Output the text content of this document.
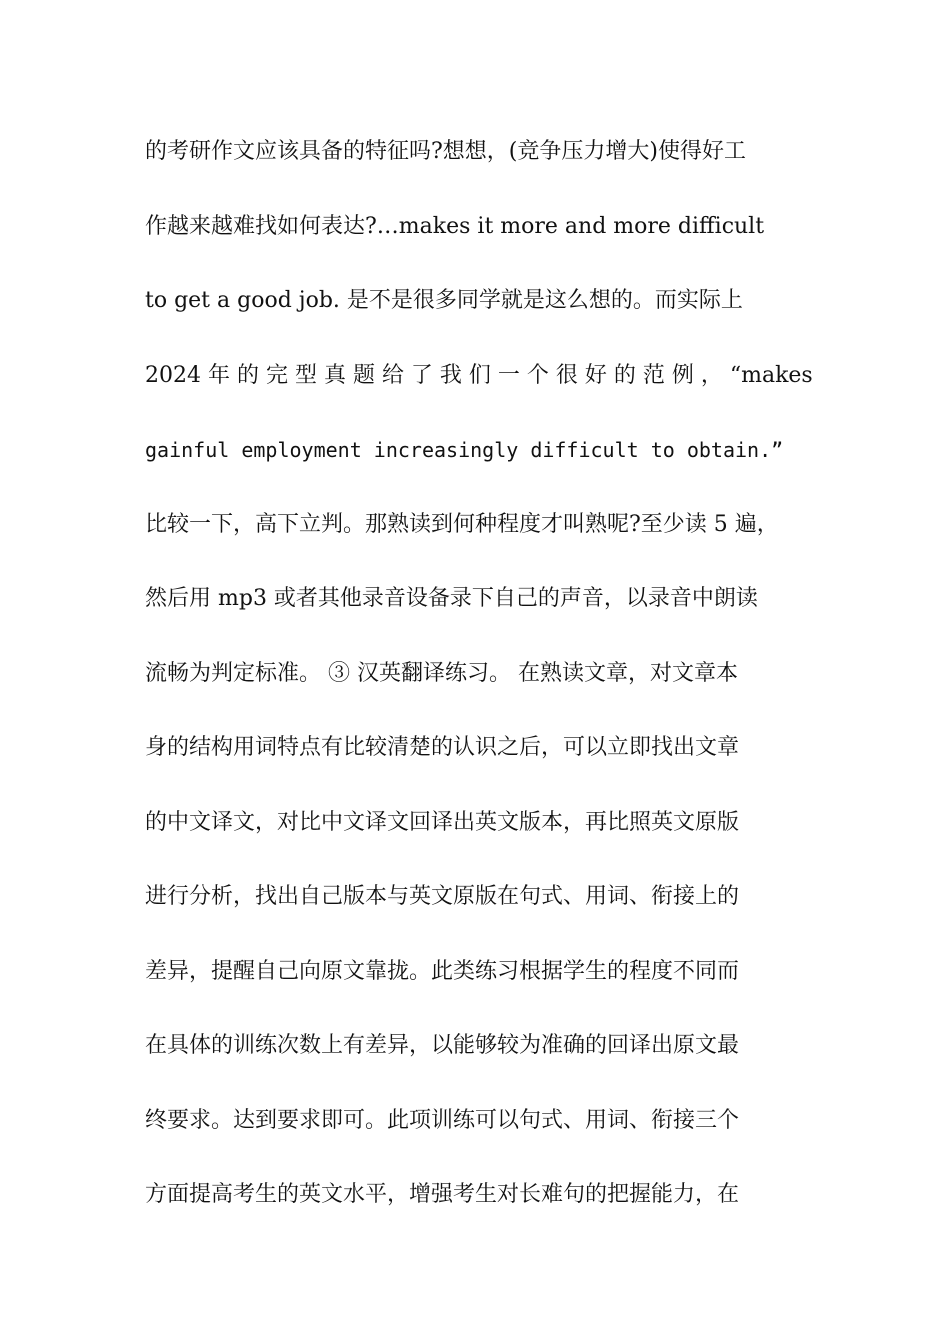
的考研作文应该具备的特征吗?想想，(竞争压力增大)使得好工
作越来越难找如何表达?…makes it more and more difficult
to get a good job. 是不是很多同学就是这么想的。而实际上
2024 年 的 完 型 真 题 给 了 我 们 一 个 很 好 的 范 例 ， “makes
gainful employment increasingly difficult to obtain.”
比较一下，高下立判。那熟读到何种程度才叫熟呢?至少读 5 遍，
然后用 mp3 或者其他录音设备录下自己的声音，以录音中朗读
流畅为判定标准。 ③ 汉英翻译练习。 在熟读文章，对文章本
身的结构用词特点有比较清楚的认识之后，可以立即找出文章
的中文译文，对比中文译文回译出英文版本，再比照英文原版
进行分析，找出自己版本与英文原版在句式、用词、衔接上的
差异，提醒自己向原文靠拢。此类练习根据学生的程度不同而
在具体的训练次数上有差异，以能够较为准确的回译出原文最
终要求。达到要求即可。此项训练可以句式、用词、衔接三个
方面提高考生的英文水平，增强考生对长难句的把握能力，在
